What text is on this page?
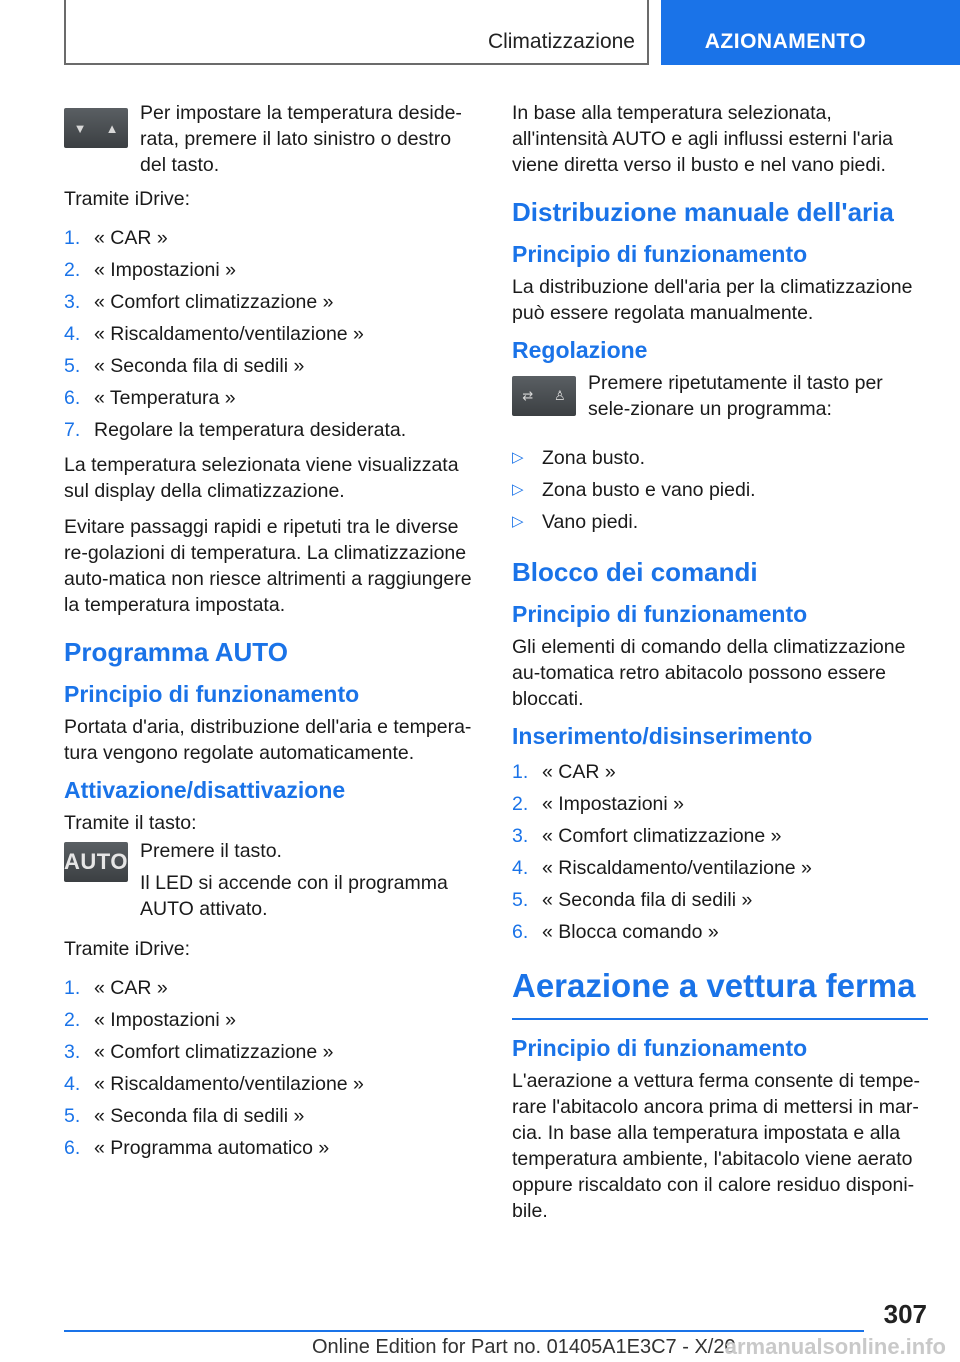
Climatizzazione	AZIONAMENTO
▼ ▲
Per impostare la temperatura deside‐rata, premere il lato sinistro o destro del tasto.

Tramite iDrive:

1. « CAR »
2. « Impostazioni »
3. « Comfort climatizzazione »
4. « Riscaldamento/ventilazione »
5. « Seconda fila di sedili »
6. « Temperatura »
7. Regolare la temperatura desiderata.

La temperatura selezionata viene visualizzata sul display della climatizzazione.

Evitare passaggi rapidi e ripetuti tra le diverse re‐golazioni di temperatura. La climatizzazione auto‐matica non riesce altrimenti a raggiungere la temperatura impostata.

Programma AUTO
Principio di funzionamento

Portata d'aria, distribuzione dell'aria e tempera‐tura vengono regolate automaticamente.

Attivazione/disattivazione

Tramite il tasto:

AUTO Premere il tasto.
Il LED si accende con il programma AUTO attivato.

Tramite iDrive:

1. « CAR »
2. « Impostazioni »
3. « Comfort climatizzazione »
4. « Riscaldamento/ventilazione »
5. « Seconda fila di sedili »
6. « Programma automatico »

In base alla temperatura selezionata, all'intensità AUTO e agli influssi esterni l'aria viene diretta verso il busto e nel vano piedi.

Distribuzione manuale dell'aria
Principio di funzionamento

La distribuzione dell'aria per la climatizzazione può essere regolata manualmente.

Regolazione
⇄ ♙
Premere ripetutamente il tasto per sele‐zionare un programma:
▷ Zona busto.
▷ Zona busto e vano piedi.
▷ Vano piedi.
Blocco dei comandi
Principio di funzionamento

Gli elementi di comando della climatizzazione au‐tomatica retro abitacolo possono essere bloccati.

Inserimento/disinserimento
1. « CAR »
2. « Impostazioni »
3. « Comfort climatizzazione »
4. « Riscaldamento/ventilazione »
5. « Seconda fila di sedili »
6. « Blocca comando »
Aerazione a vettura ferma
Principio di funzionamento

L'aerazione a vettura ferma consente di tempe‐rare l'abitacolo ancora prima di mettersi in mar‐cia. In base alla temperatura impostata e alla temperatura ambiente, l'abitacolo viene aerato oppure riscaldato con il calore residuo disponi‐bile.

307
Online Edition for Part no. 01405A1E3C7 - X/20
armanualsonline.info
